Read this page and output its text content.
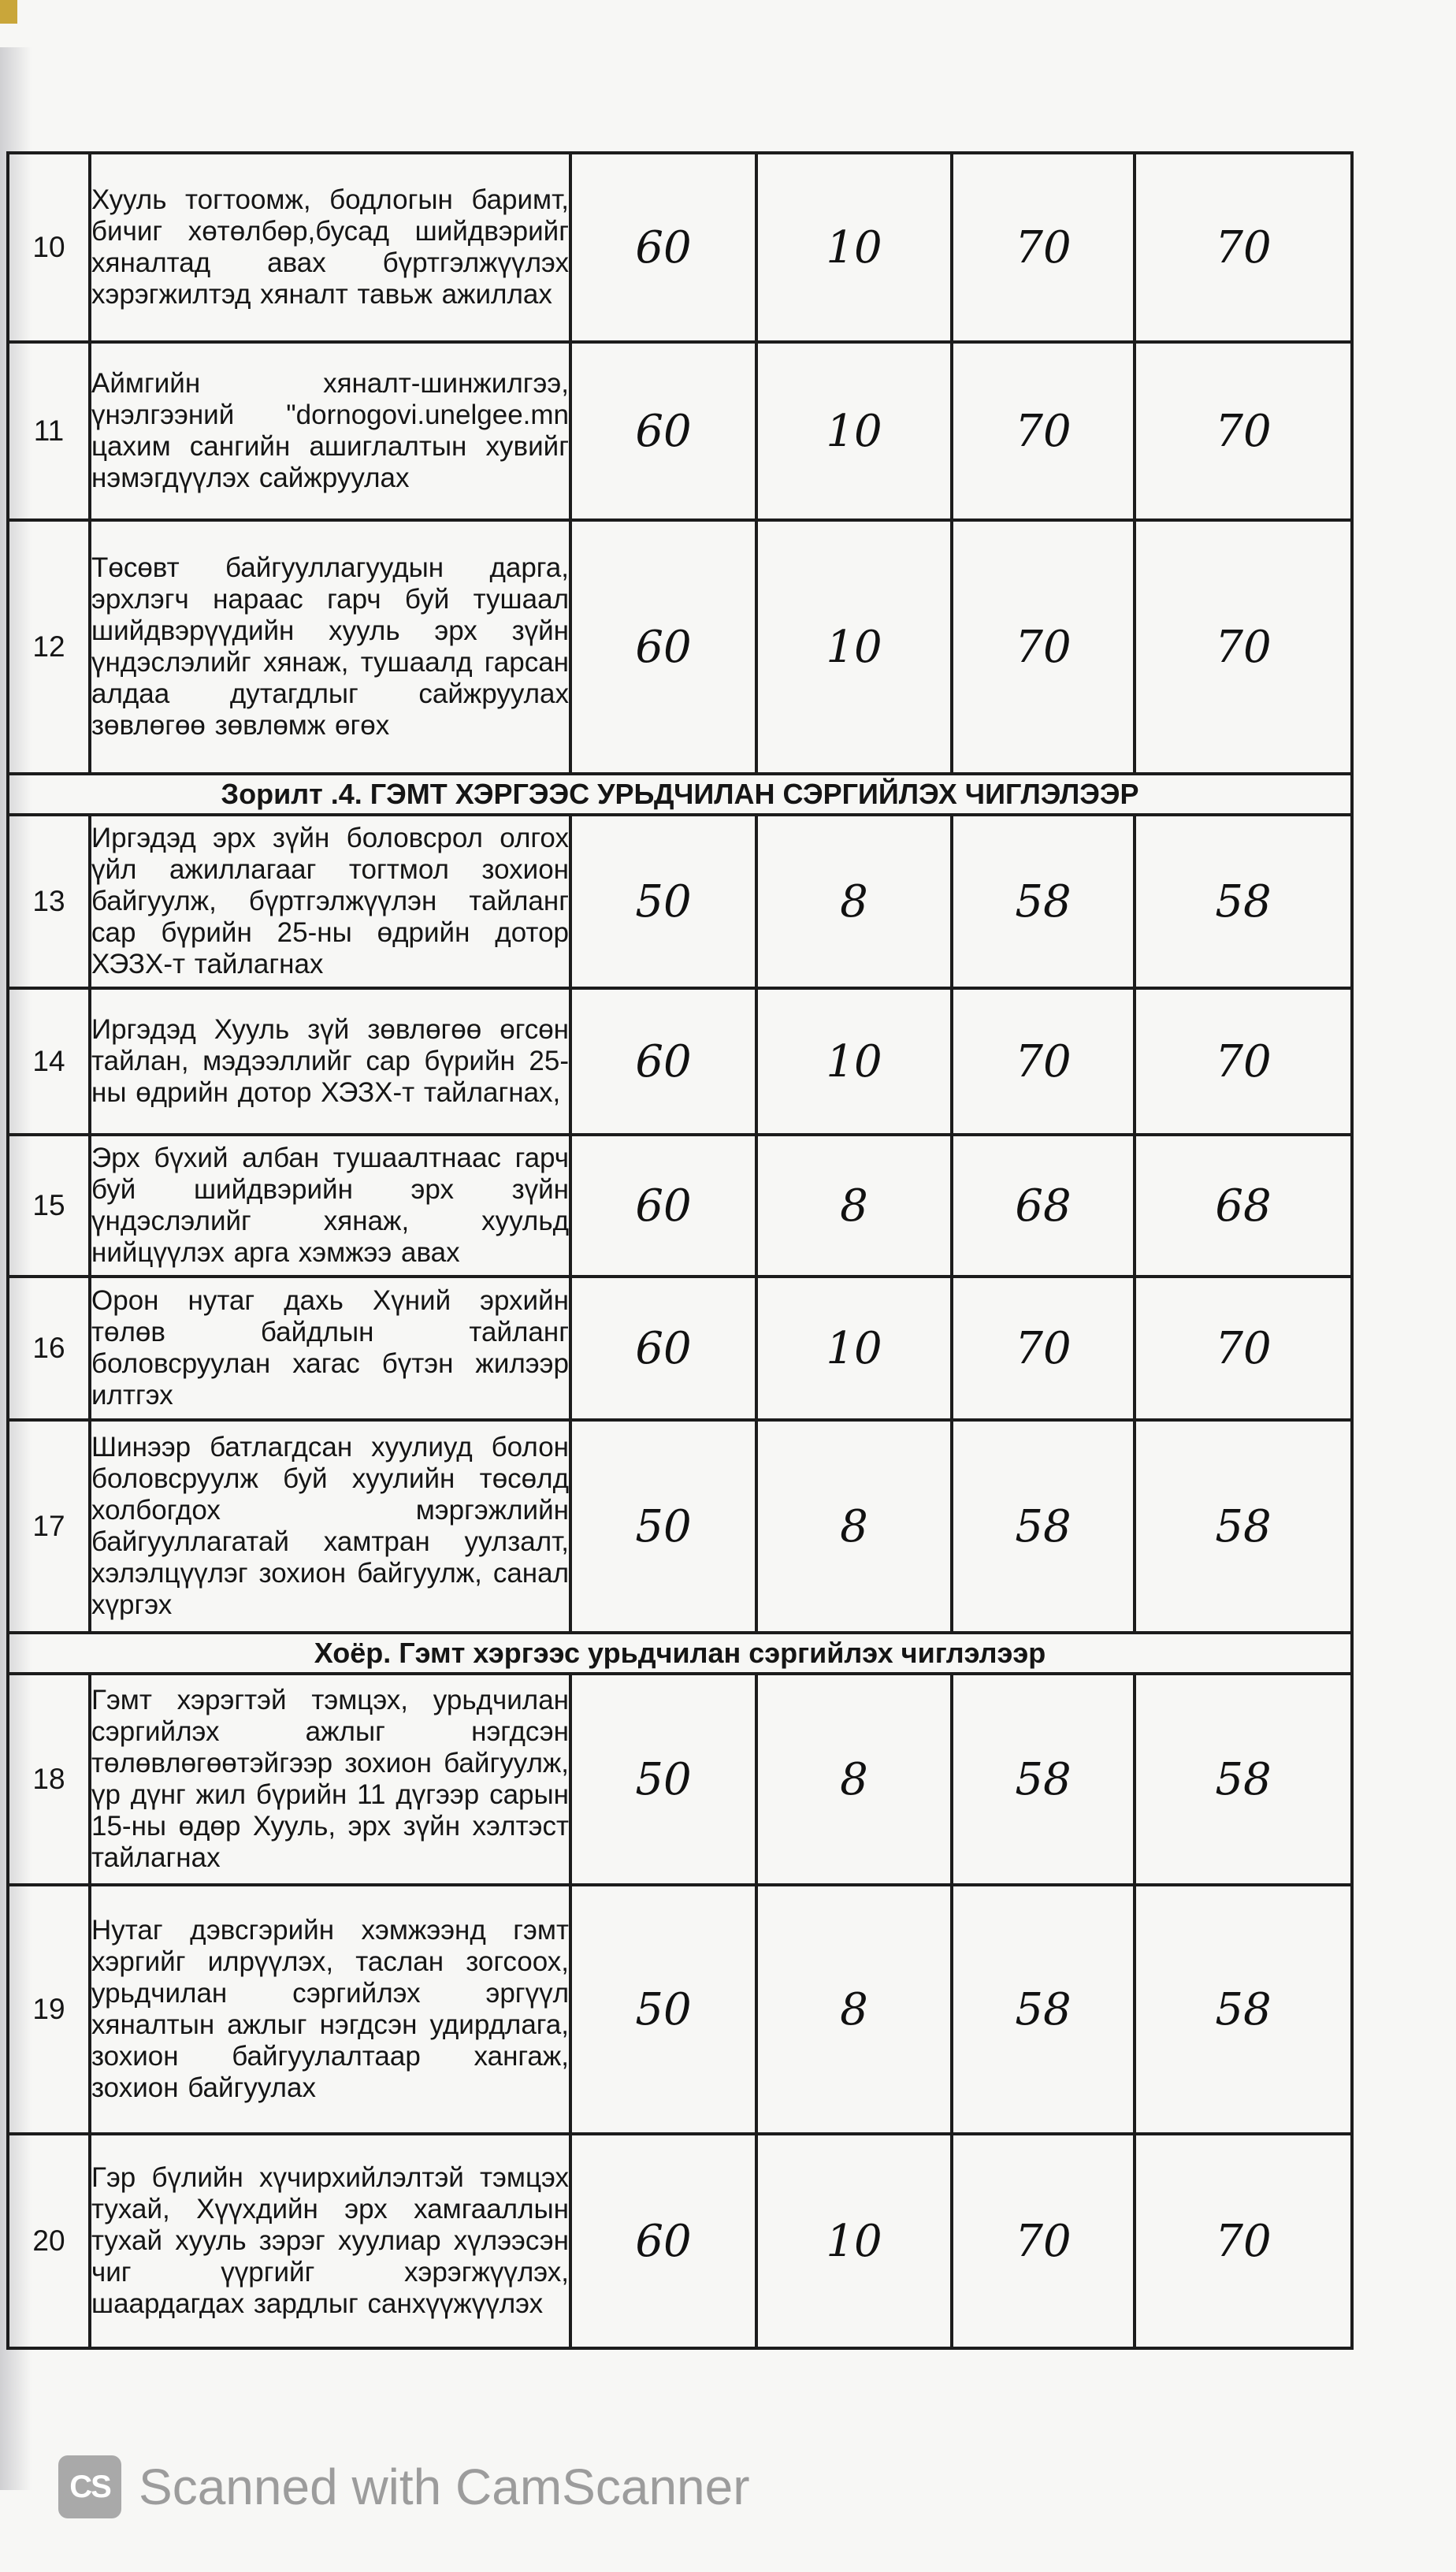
10	Хууль тогтоомж, бодлогын баримт, бичиг хөтөлбөр,бусад шийдвэрийг хяналтад авах бүртгэлжүүлэх хэрэгжилтэд хяналт тавьж ажиллах	60	10	70	70
11	Аймгийн хяналт-шинжилгээ, үнэлгээний "dornogovi.unelgee.mn цахим сангийн ашиглалтын хувийг нэмэгдүүлэх сайжруулах	60	10	70	70
12	Төсөвт байгууллагуудын дарга, эрхлэгч нараас гарч буй тушаал шийдвэрүүдийн хууль эрх зүйн үндэслэлийг хянаж, тушаалд гарсан алдаа дутагдлыг сайжруулах зөвлөгөө зөвлөмж өгөх	60	10	70	70
Зорилт .4. ГЭМТ ХЭРГЭЭС УРЬДЧИЛАН СЭРГИЙЛЭХ ЧИГЛЭЛЭЭР					
13	Иргэдэд эрх зүйн боловсрол олгох үйл ажиллагааг тогтмол зохион байгуулж, бүртгэлжүүлэн тайланг сар бүрийн 25-ны өдрийн дотор ХЭЗХ-т тайлагнах	50	8	58	58
14	Иргэдэд Хууль зүй зөвлөгөө өгсөн тайлан, мэдээллийг сар бүрийн 25-ны өдрийн дотор ХЭЗХ-т тайлагнах,	60	10	70	70
15	Эрх бүхий албан тушаалтнаас гарч буй шийдвэрийн эрх зүйн үндэслэлийг хянаж, хуульд нийцүүлэх арга хэмжээ авах	60	8	68	68
16	Орон нутаг дахь Хүний эрхийн төлөв байдлын тайланг боловсруулан хагас бүтэн жилээр илтгэх	60	10	70	70
17	Шинээр батлагдсан хуулиуд болон боловсруулж буй хуулийн төсөлд холбогдох мэргэжлийн байгууллагатай хамтран уулзалт, хэлэлцүүлэг зохион байгуулж, санал хүргэх	50	8	58	58
Хоёр. Гэмт хэргээс урьдчилан сэргийлэх чиглэлээр					
18	Гэмт хэрэгтэй тэмцэх, урьдчилан сэргийлэх ажлыг нэгдсэн төлөвлөгөөтэйгээр зохион байгуулж, үр дүнг жил бүрийн 11 дүгээр сарын 15-ны өдөр Хууль, эрх зүйн хэлтэст тайлагнах	50	8	58	58
19	Нутаг дэвсгэрийн хэмжээнд гэмт хэргийг илрүүлэх, таслан зогсоох, урьдчилан сэргийлэх эргүүл хяналтын ажлыг нэгдсэн удирдлага, зохион байгуулалтаар хангаж, зохион байгуулах	50	8	58	58
20	Гэр бүлийн хүчирхийлэлтэй тэмцэх тухай, Хүүхдийн эрх хамгааллын тухай хууль зэрэг хуулиар хүлээсэн чиг үүргийг хэрэгжүүлэх, шаардагдах зардлыг санхүүжүүлэх	60	10	70	70
CS Scanned with CamScanner
